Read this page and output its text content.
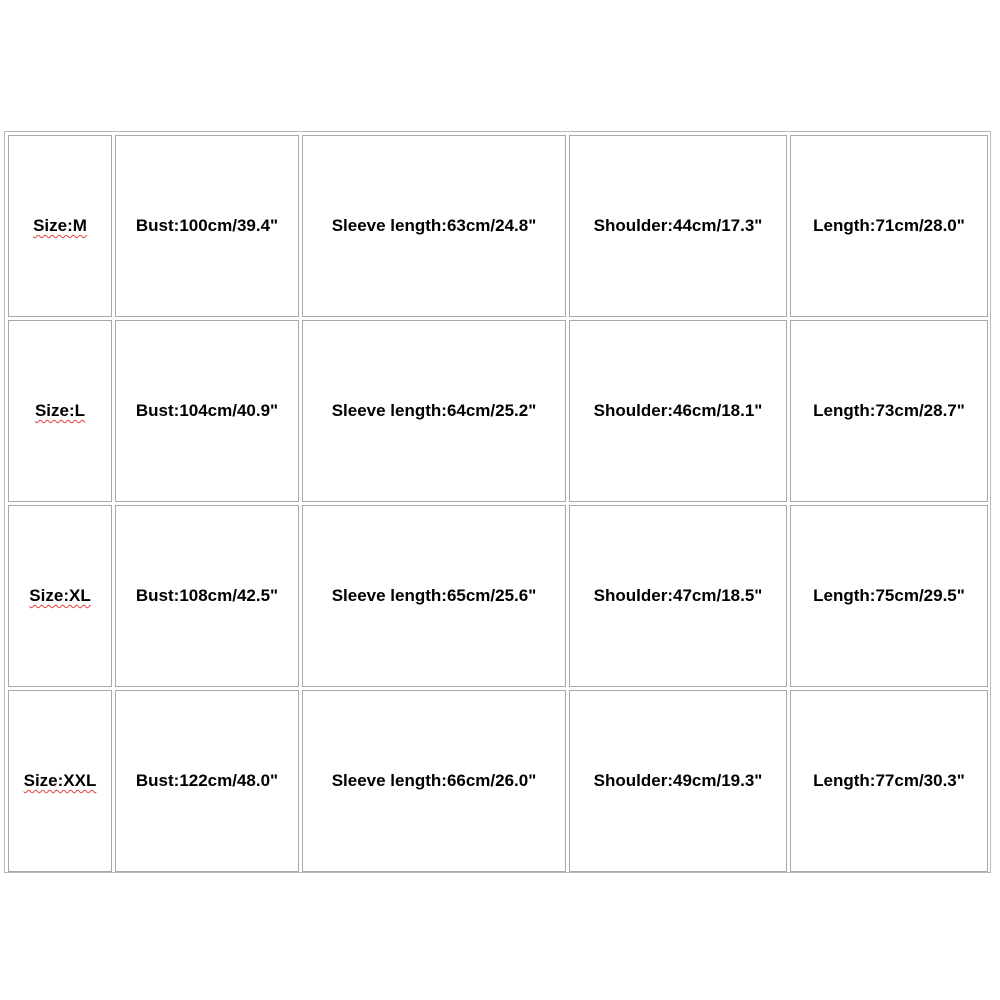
Size:M	Bust:100cm/39.4"	Sleeve length:63cm/24.8"	Shoulder:44cm/17.3"	Length:71cm/28.0"
Size:L	Bust:104cm/40.9"	Sleeve length:64cm/25.2"	Shoulder:46cm/18.1"	Length:73cm/28.7"
Size:XL	Bust:108cm/42.5"	Sleeve length:65cm/25.6"	Shoulder:47cm/18.5"	Length:75cm/29.5"
Size:XXL	Bust:122cm/48.0"	Sleeve length:66cm/26.0"	Shoulder:49cm/19.3"	Length:77cm/30.3"
